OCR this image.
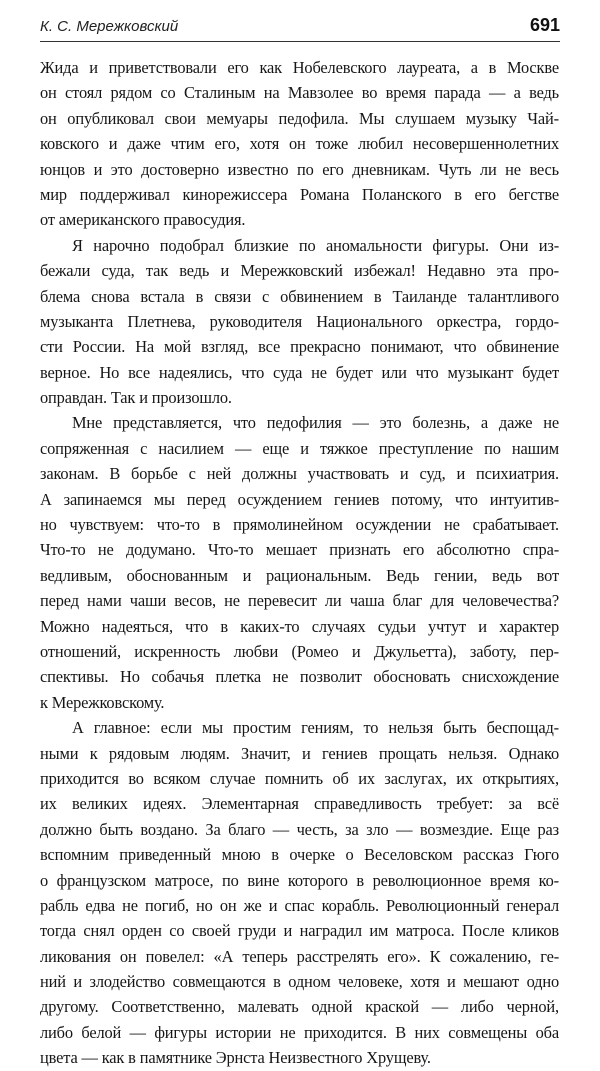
К. С. Мережковский	691
Жида и приветствовали его как Нобелевского лауреата, а в Москве
он стоял рядом со Сталиным на Мавзолее во время парада — а ведь
он опубликовал свои мемуары педофила. Мы слушаем музыку Чай-
ковского и даже чтим его, хотя он тоже любил несовершеннолетних
юнцов и это достоверно известно по его дневникам. Чуть ли не весь
мир поддерживал кинорежиссера Романа Поланского в его бегстве
от американского правосудия.
Я нарочно подобрал близкие по аномальности фигуры. Они из-
бежали суда, так ведь и Мережковский избежал! Недавно эта про-
блема снова встала в связи с обвинением в Таиланде талантливого
музыканта Плетнева, руководителя Национального оркестра, гордо-
сти России. На мой взгляд, все прекрасно понимают, что обвинение
верное. Но все надеялись, что суда не будет или что музыкант будет
оправдан. Так и произошло.
Мне представляется, что педофилия — это болезнь, а даже не
сопряженная с насилием — еще и тяжкое преступление по нашим
законам. В борьбе с ней должны участвовать и суд, и психиатрия.
А запинаемся мы перед осуждением гениев потому, что интуитив-
но чувствуем: что-то в прямолинейном осуждении не срабатывает.
Что-то не додумано. Что-то мешает признать его абсолютно спра-
ведливым, обоснованным и рациональным. Ведь гении, ведь вот
перед нами чаши весов, не перевесит ли чаша благ для человечества?
Можно надеяться, что в каких-то случаях судьи учтут и характер
отношений, искренность любви (Ромео и Джульетта), заботу, пер-
спективы. Но собачья плетка не позволит обосновать снисхождение
к Мережковскому.
А главное: если мы простим гениям, то нельзя быть беспощад-
ными к рядовым людям. Значит, и гениев прощать нельзя. Однако
приходится во всяком случае помнить об их заслугах, их открытиях,
их великих идеях. Элементарная справедливость требует: за всё
должно быть воздано. За благо — честь, за зло — возмездие. Еще раз
вспомним приведенный мною в очерке о Веселовском рассказ Гюго
о французском матросе, по вине которого в революционное время ко-
рабль едва не погиб, но он же и спас корабль. Революционный генерал
тогда снял орден со своей груди и наградил им матроса. После кликов
ликования он повелел: «А теперь расстрелять его». К сожалению, ге-
ний и злодейство совмещаются в одном человеке, хотя и мешают одно
другому. Соответственно, малевать одной краской — либо черной,
либо белой — фигуры истории не приходится. В них совмещены оба
цвета — как в памятнике Эрнста Неизвестного Хрущеву.
